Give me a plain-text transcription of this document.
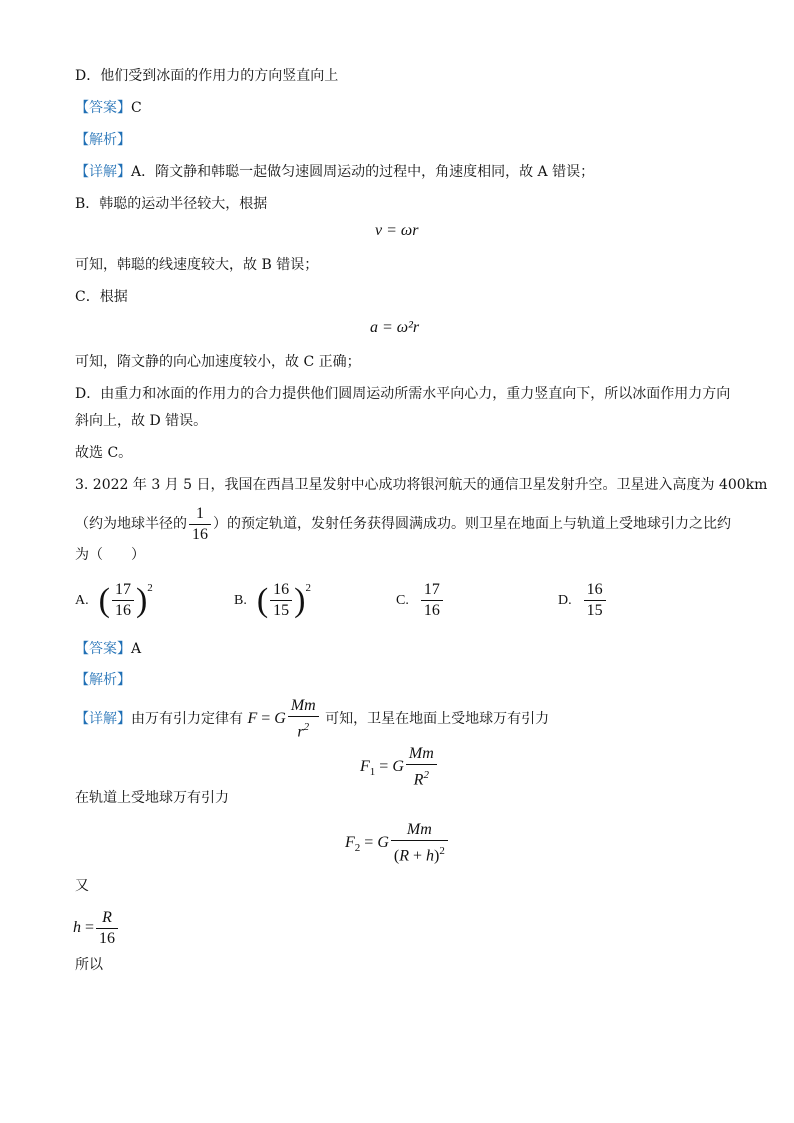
D．他们受到冰面的作用力的方向竖直向上
【答案】C
【解析】
【详解】A．隋文静和韩聪一起做匀速圆周运动的过程中，角速度相同，故 A 错误；
B．韩聪的运动半径较大，根据
v = ωr
可知，韩聪的线速度较大，故 B 错误；
C．根据
a = ω²r
可知，隋文静的向心加速度较小，故 C 正确；
D．由重力和冰面的作用力的合力提供他们圆周运动所需水平向心力，重力竖直向下，所以冰面作用力方向
斜向上，故 D 错误。
故选 C。
3. 2022 年 3 月 5 日，我国在西昌卫星发射中心成功将银河航天的通信卫星发射升空。卫星进入高度为 400km
（约为地球半径的 $\frac{1}{16}$ ）的预定轨道，发射任务获得圆满成功。则卫星在地面上与轨道上受地球引力之比约
为（　　）
A. ( $\frac{17}{16}$ ) 2
B. ( $\frac{16}{15}$ ) 2
C. $\frac{17}{16}$	D. $\frac{16}{15}$
【答案】A
【解析】
【详解】由万有引力定律有 F = G $\frac{Mm}{r^2}$ 可知，卫星在地面上受地球万有引力
$F_1 = G \frac{Mm}{R^2}$
在轨道上受地球万有引力
$F_2 = G \frac{Mm}{(R + h)^2}$
又
$h = \frac{R}{16}$
所以
